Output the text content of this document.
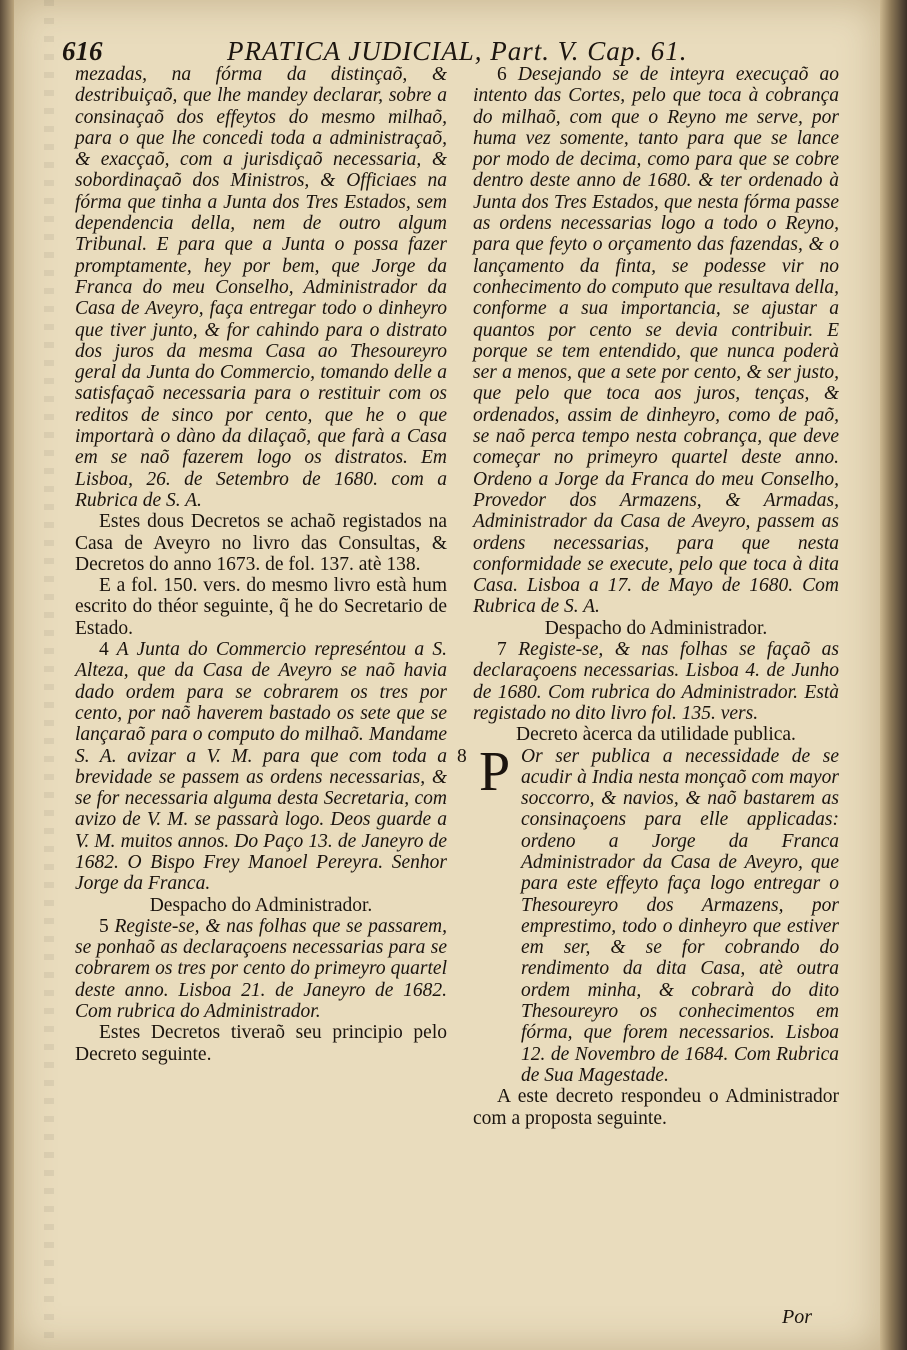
616	PRATICA JUDICIAL, Part. V. Cap. 61.

mezadas, na fórma da distinçaõ, & destribuiçaõ, que lhe mandey declarar, sobre a consinaçaõ dos effeytos do mesmo milhaõ, para o que lhe concedi toda a administraçaõ, & exacçaõ, com a jurisdiçaõ necessaria, & sobordinaçaõ dos Ministros, & Officiaes na fórma que tinha a Junta dos Tres Estados, sem dependencia della, nem de outro algum Tribunal. E para que a Junta o possa fazer promptamente, hey por bem, que Jorge da Franca do meu Conselho, Administrador da Casa de Aveyro, faça entregar todo o dinheyro que tiver junto, & for cahindo para o distrato dos juros da mesma Casa ao Thesoureyro geral da Junta do Commercio, tomando delle a satisfaçaõ necessaria para o restituir com os reditos de sinco por cento, que he o que importarà o dàno da dilaçaõ, que farà a Casa em se naõ fazerem logo os distratos. Em Lisboa, 26. de Setembro de 1680. com a Rubrica de S. A.

Estes dous Decretos se achaõ registados na Casa de Aveyro no livro das Consultas, & Decretos do anno 1673. de fol. 137. atè 138.

E a fol. 150. vers. do mesmo livro està hum escrito do théor seguinte, q̃ he do Secretario de Estado.

4 A Junta do Commercio represéntou a S. Alteza, que da Casa de Aveyro se naõ havia dado ordem para se cobrarem os tres por cento, por naõ haverem bastado os sete que se lançaraõ para o computo do milhaõ. Mandame S. A. avizar a V. M. para que com toda a brevidade se passem as ordens necessarias, & se for necessaria alguma desta Secretaria, com avizo de V. M. se passarà logo. Deos guarde a V. M. muitos annos. Do Paço 13. de Janeyro de 1682. O Bispo Frey Manoel Pereyra. Senhor Jorge da Franca.

Despacho do Administrador.

5 Registe-se, & nas folhas que se passarem, se ponhaõ as declaraçoens necessarias para se cobrarem os tres por cento do primeyro quartel deste anno. Lisboa 21. de Janeyro de 1682. Com rubrica do Administrador.

Estes Decretos tiveraõ seu principio pelo Decreto seguinte.

6 Desejando se de inteyra execuçaõ ao intento das Cortes, pelo que toca à cobrança do milhaõ, com que o Reyno me serve, por huma vez somente, tanto para que se lance por modo de decima, como para que se cobre dentro deste anno de 1680. & ter ordenado à Junta dos Tres Estados, que nesta fórma passe as ordens necessarias logo a todo o Reyno, para que feyto o orçamento das fazendas, & o lançamento da finta, se podesse vir no conhecimento do computo que resultava della, conforme a sua importancia, se ajustar a quantos por cento se devia contribuir. E porque se tem entendido, que nunca poderà ser a menos, que a sete por cento, & ser justo, que pelo que toca aos juros, tenças, & ordenados, assim de dinheyro, como de paõ, se naõ perca tempo nesta cobrança, que deve começar no primeyro quartel deste anno. Ordeno a Jorge da Franca do meu Conselho, Provedor dos Armazens, & Armadas, Administrador da Casa de Aveyro, passem as ordens necessarias, para que nesta conformidade se execute, pelo que toca à dita Casa. Lisboa a 17. de Mayo de 1680. Com Rubrica de S. A.

Despacho do Administrador.

7 Registe-se, & nas folhas se façaõ as declaraçoens necessarias. Lisboa 4. de Junho de 1680. Com rubrica do Administrador. Està registado no dito livro fol. 135. vers.

Decreto àcerca da utilidade publica.

8 P Or ser publica a necessidade de se acudir à India nesta monçaõ com mayor soccorro, & navios, & naõ bastarem as consinaçoens para elle applicadas: ordeno a Jorge da Franca Administrador da Casa de Aveyro, que para este effeyto faça logo entregar o Thesoureyro dos Armazens, por emprestimo, todo o dinheyro que estiver em ser, & se for cobrando do rendimento da dita Casa, atè outra ordem minha, & cobrarà do dito Thesoureyro os conhecimentos em fórma, que forem necessarios. Lisboa 12. de Novembro de 1684. Com Rubrica de Sua Magestade.

A este decreto respondeu o Administrador com a proposta seguinte.

Por
